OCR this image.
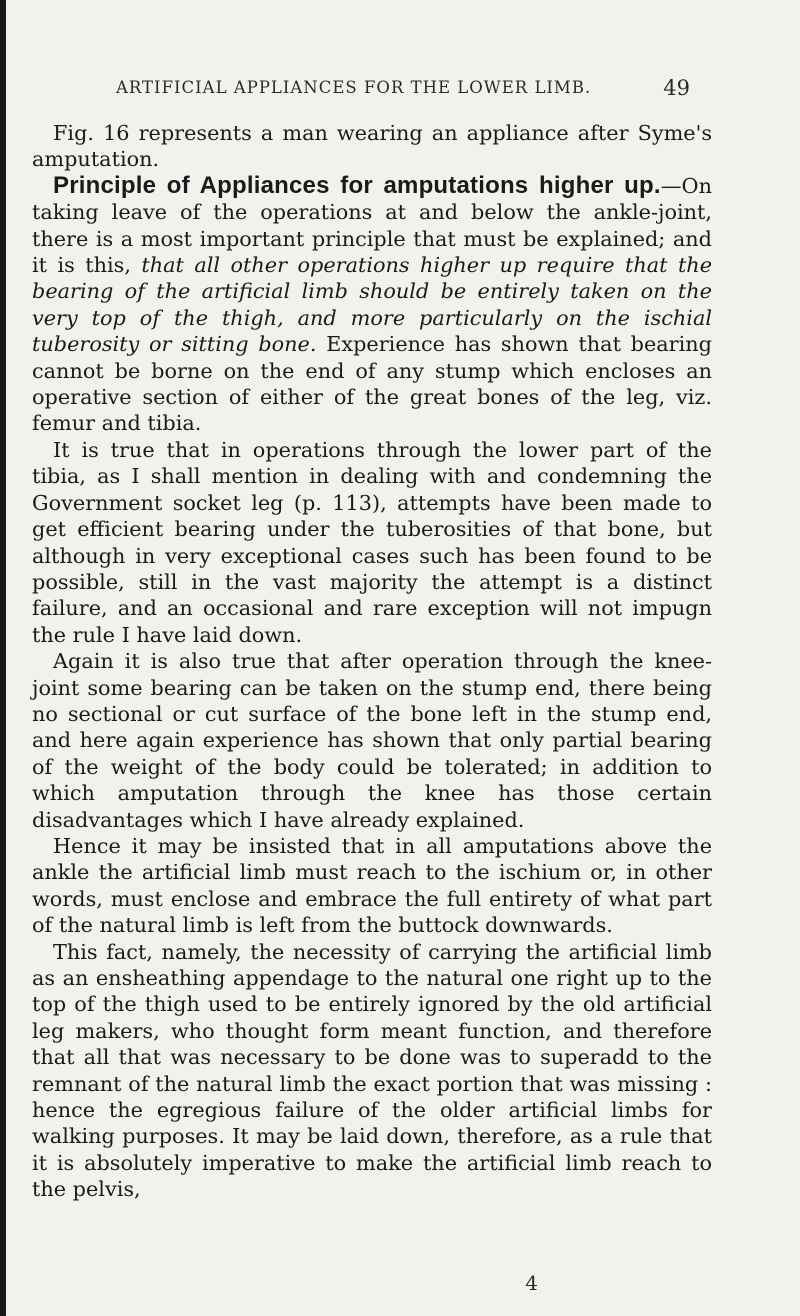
ARTIFICIAL APPLIANCES FOR THE LOWER LIMB.	49

Fig. 16 represents a man wearing an appliance after Syme's amputation.

Principle of Appliances for amputations higher up.—On taking leave of the operations at and below the ankle-joint, there is a most important principle that must be explained; and it is this, that all other operations higher up require that the bearing of the artificial limb should be entirely taken on the very top of the thigh, and more particularly on the ischial tuberosity or sitting bone. Experience has shown that bearing cannot be borne on the end of any stump which encloses an operative section of either of the great bones of the leg, viz. femur and tibia.

It is true that in operations through the lower part of the tibia, as I shall mention in dealing with and condemning the Government socket leg (p. 113), attempts have been made to get efficient bearing under the tuberosities of that bone, but although in very exceptional cases such has been found to be possible, still in the vast majority the attempt is a distinct failure, and an occasional and rare exception will not impugn the rule I have laid down.

Again it is also true that after operation through the knee-joint some bearing can be taken on the stump end, there being no sectional or cut surface of the bone left in the stump end, and here again experience has shown that only partial bearing of the weight of the body could be tolerated; in addition to which amputation through the knee has those certain disadvantages which I have already explained.

Hence it may be insisted that in all amputations above the ankle the artificial limb must reach to the ischium or, in other words, must enclose and embrace the full entirety of what part of the natural limb is left from the buttock downwards.

This fact, namely, the necessity of carrying the artificial limb as an ensheathing appendage to the natural one right up to the top of the thigh used to be entirely ignored by the old artificial leg makers, who thought form meant function, and therefore that all that was necessary to be done was to superadd to the remnant of the natural limb the exact portion that was missing : hence the egregious failure of the older artificial limbs for walking purposes. It may be laid down, therefore, as a rule that it is absolutely imperative to make the artificial limb reach to the pelvis,

4
